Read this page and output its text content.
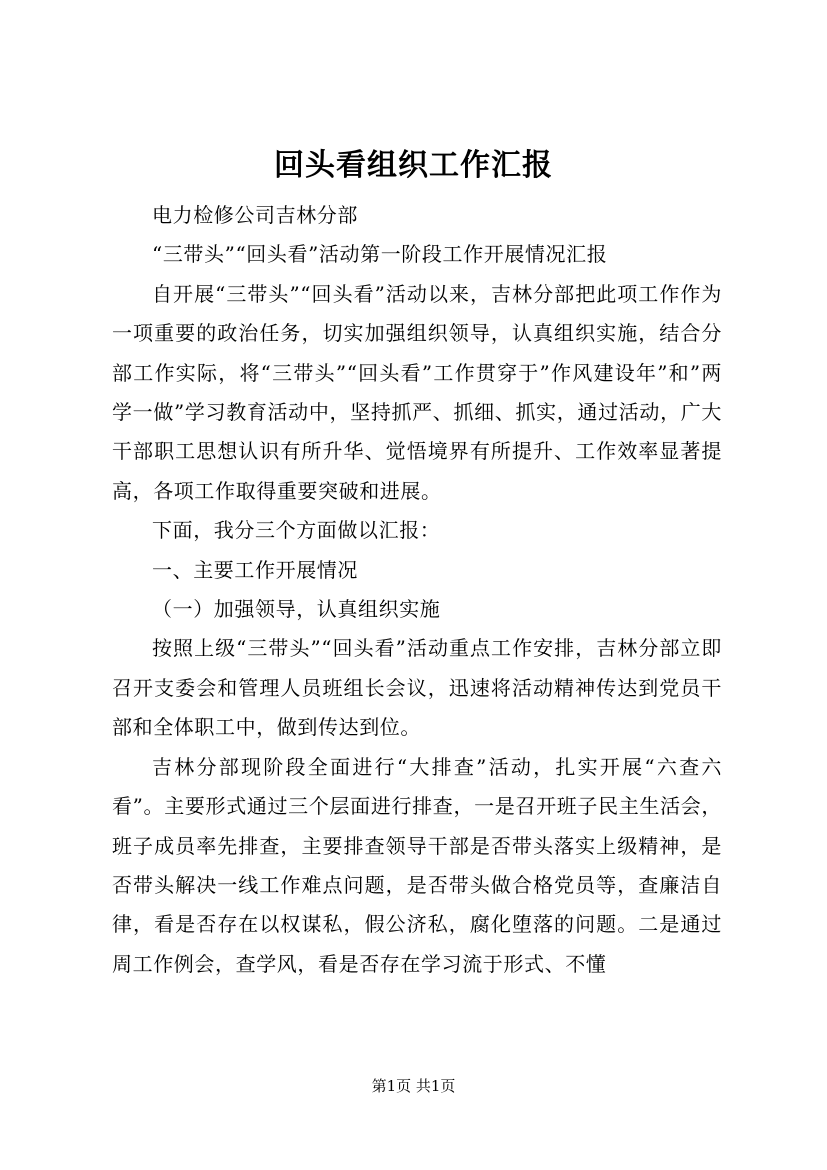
回头看组织工作汇报

电力检修公司吉林分部

“三带头”“回头看”活动第一阶段工作开展情况汇报

自开展“三带头”“回头看”活动以来，吉林分部把此项工作作为一项重要的政治任务，切实加强组织领导，认真组织实施，结合分部工作实际，将“三带头”“回头看”工作贯穿于”作风建设年”和”两学一做”学习教育活动中，坚持抓严、抓细、抓实，通过活动，广大干部职工思想认识有所升华、觉悟境界有所提升、工作效率显著提高，各项工作取得重要突破和进展。

下面，我分三个方面做以汇报：

一、主要工作开展情况

（一）加强领导，认真组织实施

按照上级“三带头”“回头看”活动重点工作安排，吉林分部立即召开支委会和管理人员班组长会议，迅速将活动精神传达到党员干部和全体职工中，做到传达到位。

吉林分部现阶段全面进行“大排查”活动，扎实开展“六查六看”。主要形式通过三个层面进行排查，一是召开班子民主生活会，班子成员率先排查，主要排查领导干部是否带头落实上级精神，是否带头解决一线工作难点问题，是否带头做合格党员等，查廉洁自律，看是否存在以权谋私，假公济私，腐化堕落的问题。二是通过周工作例会，查学风，看是否存在学习流于形式、不懂

第1页 共1页
